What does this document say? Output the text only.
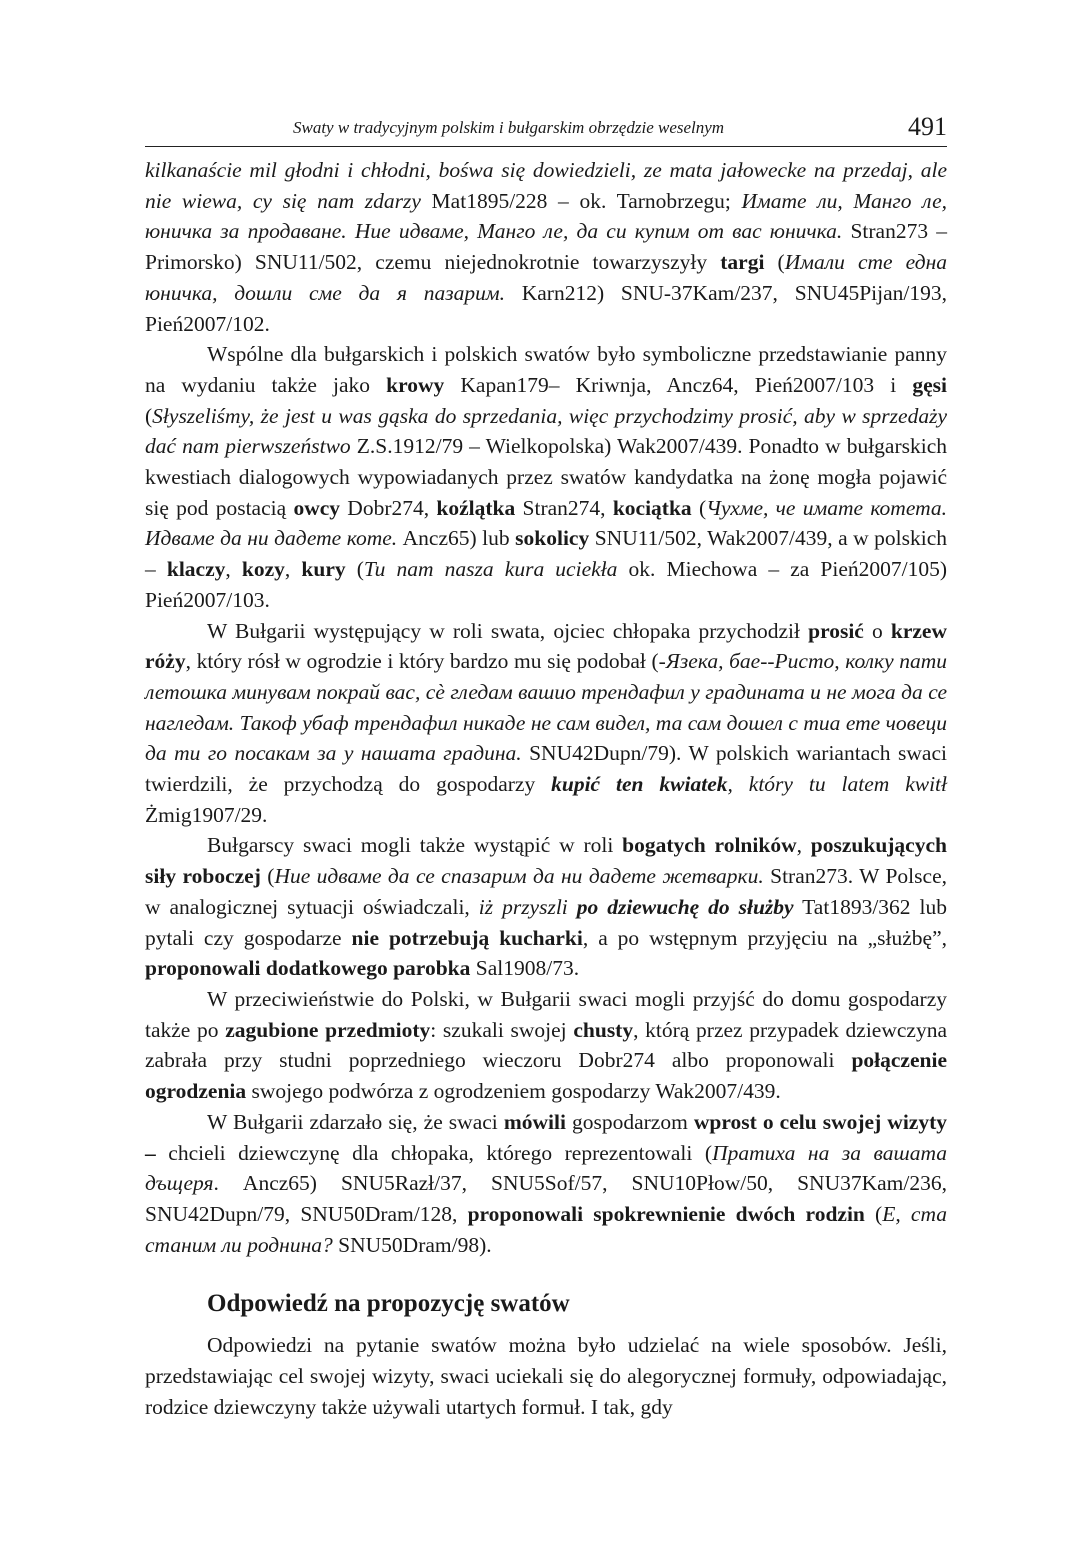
Swaty w tradycyjnym polskim i bułgarskim obrzędzie weselnym	491

kilkanaście mil głodni i chłodni, bośwa się dowiedzieli, ze mata jałowecke na przedaj, ale nie wiewa, cy się nam zdarzy Mat1895/228 – ok. Tarnobrzegu; Имате ли, Манго ле, юничка за продаване. Ние идваме, Манго ле, да си купим от вас юничка. Stran273 – Primorsko) SNU11/502, czemu niejednokrotnie towarzyszyły targi (Имали сте една юничка, дошли сме да я пазарим. Karn212) SNU-37Kam/237, SNU45Pijan/193, Pień2007/102.

Wspólne dla bułgarskich i polskich swatów było symboliczne przedstawianie panny na wydaniu także jako krowy Kapan179– Kriwnja, Ancz64, Pień2007/103 i gęsi (Słyszeliśmy, że jest u was gąska do sprzedania, więc przychodzimy prosić, aby w sprzedaży dać nam pierwszeństwo Z.S.1912/79 – Wielkopolska) Wak2007/439. Ponadto w bułgarskich kwestiach dialogowych wypowiadanych przez swatów kandydatka na żonę mogła pojawić się pod postacią owcy Dobr274, koźlątka Stran274, kociątka (Чухме, че имате котета. Идваме да ни дадете коте. Ancz65) lub sokolicy SNU11/502, Wak2007/439, a w polskich – klaczy, kozy, kury (Tu nam nasza kura uciekła ok. Miechowa – za Pień2007/105) Pień2007/103.

W Bułgarii występujący w roli swata, ojciec chłopaka przychodził prosić o krzew róży, który rósł w ogrodzie i który bardzo mu się podobał (-Язека, бае--Ристо, колку пати летошка минувам покрай вас, сè гледам вашио трендафил у градината и не мога да се нагледам. Такоф убаф трендафил никаде не сам видел, та сам дошел с тиа ете човеци да ти го посакам за у нашата градина. SNU42Dupn/79). W polskich wariantach swaci twierdzili, że przychodzą do gospodarzy kupić ten kwiatek, który tu latem kwitł Żmig1907/29.

Bułgarscy swaci mogli także wystąpić w roli bogatych rolników, poszukujących siły roboczej (Ние идваме да се спазарим да ни дадете жетварки. Stran273. W Polsce, w analogicznej sytuacji oświadczali, iż przyszli po dziewuchę do służby Tat1893/362 lub pytali czy gospodarze nie potrzebują kucharki, a po wstępnym przyjęciu na „służbę”, proponowali dodatkowego parobka Sal1908/73.

W przeciwieństwie do Polski, w Bułgarii swaci mogli przyjść do domu gospodarzy także po zagubione przedmioty: szukali swojej chusty, którą przez przypadek dziewczyna zabrała przy studni poprzedniego wieczoru Dobr274 albo proponowali połączenie ogrodzenia swojego podwórza z ogrodzeniem gospodarzy Wak2007/439.

W Bułgarii zdarzało się, że swaci mówili gospodarzom wprost o celu swojej wizyty – chcieli dziewczynę dla chłopaka, którego reprezentowali (Пратиха на за вашата дъщеря. Ancz65) SNU5Razł/37, SNU5Sof/57, SNU10Płow/50, SNU37Kam/236, SNU42Dupn/79, SNU50Dram/128, proponowali spokrewnienie dwóch rodzin (E, ста станим ли роднина? SNU50Dram/98).

Odpowiedź na propozycję swatów

Odpowiedzi na pytanie swatów można było udzielać na wiele sposobów. Jeśli, przedstawiając cel swojej wizyty, swaci uciekali się do alegorycznej formuły, odpowiadając, rodzice dziewczyny także używali utartych formuł. I tak, gdy
